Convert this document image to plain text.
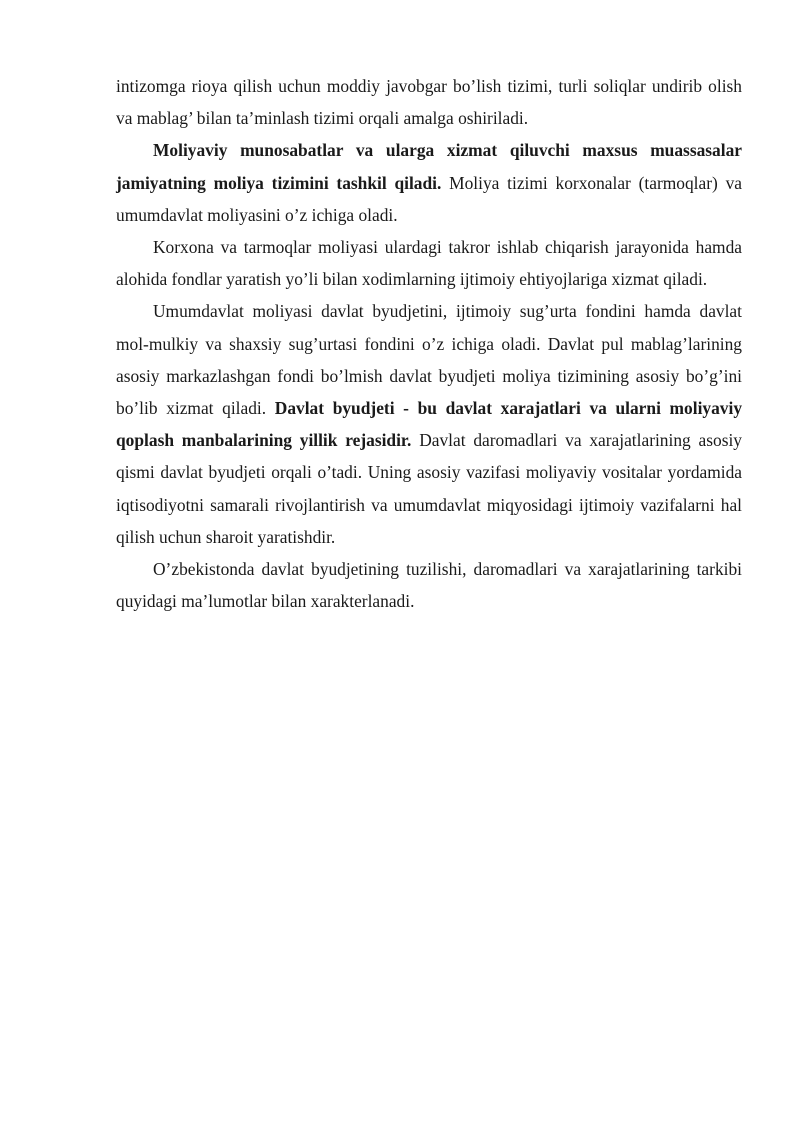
intizomga rioya qilish uchun moddiy javobgar bo’lish tizimi, turli soliqlar undirib olish va mablag’ bilan ta’minlash tizimi orqali amalga oshiriladi.

Moliyaviy munosabatlar va ularga xizmat qiluvchi maxsus muassasalar jamiyatning moliya tizimini tashkil qiladi. Moliya tizimi korxonalar (tarmoqlar) va umumdavlat moliyasini o’z ichiga oladi.

Korxona va tarmoqlar moliyasi ulardagi takror ishlab chiqarish jarayonida hamda alohida fondlar yaratish yo’li bilan xodimlarning ijtimoiy ehtiyojlariga xizmat qiladi.

Umumdavlat moliyasi davlat byudjetini, ijtimoiy sug’urta fondini hamda davlat mol-mulkiy va shaxsiy sug’urtasi fondini o’z ichiga oladi. Davlat pul mablag’larining asosiy markazlashgan fondi bo’lmish davlat byudjeti moliya tizimining asosiy bo’g’ini bo’lib xizmat qiladi. Davlat byudjeti - bu davlat xarajatlari va ularni moliyaviy qoplash manbalarining yillik rejasidir. Davlat daromadlari va xarajatlarining asosiy qismi davlat byudjeti orqali o’tadi. Uning asosiy vazifasi moliyaviy vositalar yordamida iqtisodiyotni samarali rivojlantirish va umumdavlat miqyosidagi ijtimoiy vazifalarni hal qilish uchun sharoit yaratishdir.

O’zbekistonda davlat byudjetining tuzilishi, daromadlari va xarajatlarining tarkibi quyidagi ma’lumotlar bilan xarakterlanadi.
